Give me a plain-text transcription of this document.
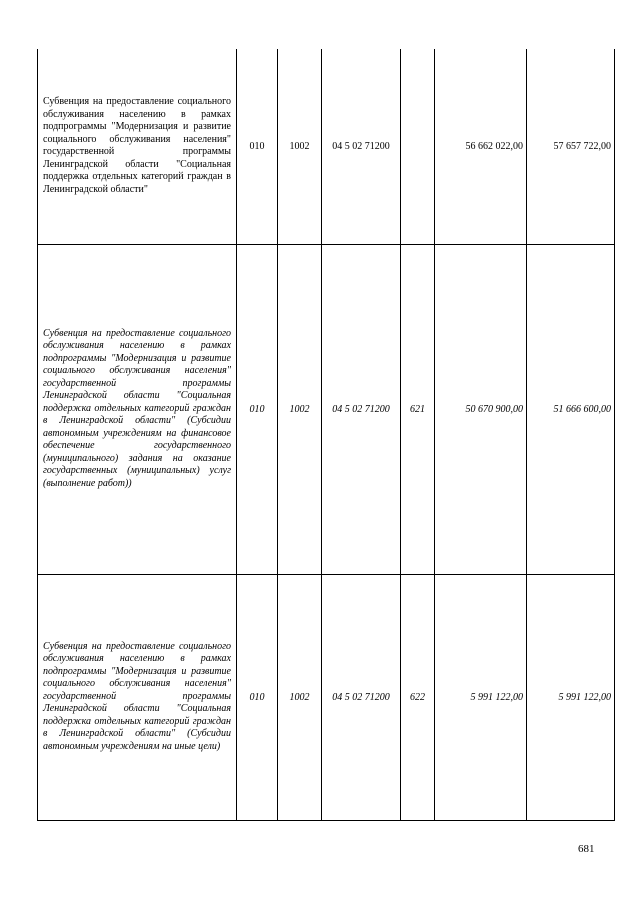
Субвенция на предоставление социального обслуживания населению в рамках подпрограммы "Модернизация и развитие социального обслуживания населения" государственной программы Ленинградской области "Социальная поддержка отдельных категорий граждан в Ленинградской области"	010	1002	04 5 02 71200		56 662 022,00	57 657 722,00
Субвенция на предоставление социального обслуживания населению в рамках подпрограммы "Модернизация и развитие социального обслуживания населения" государственной программы Ленинградской области "Социальная поддержка отдельных категорий граждан в Ленинградской области" (Субсидии автономным учреждениям на финансовое обеспечение государственного (муниципального) задания на оказание государственных (муниципальных) услуг (выполнение работ))	010	1002	04 5 02 71200	621	50 670 900,00	51 666 600,00
Субвенция на предоставление социального обслуживания населению в рамках подпрограммы "Модернизация и развитие социального обслуживания населения" государственной программы Ленинградской области "Социальная поддержка отдельных категорий граждан в Ленинградской области" (Субсидии автономным учреждениям на иные цели)	010	1002	04 5 02 71200	622	5 991 122,00	5 991 122,00
681
